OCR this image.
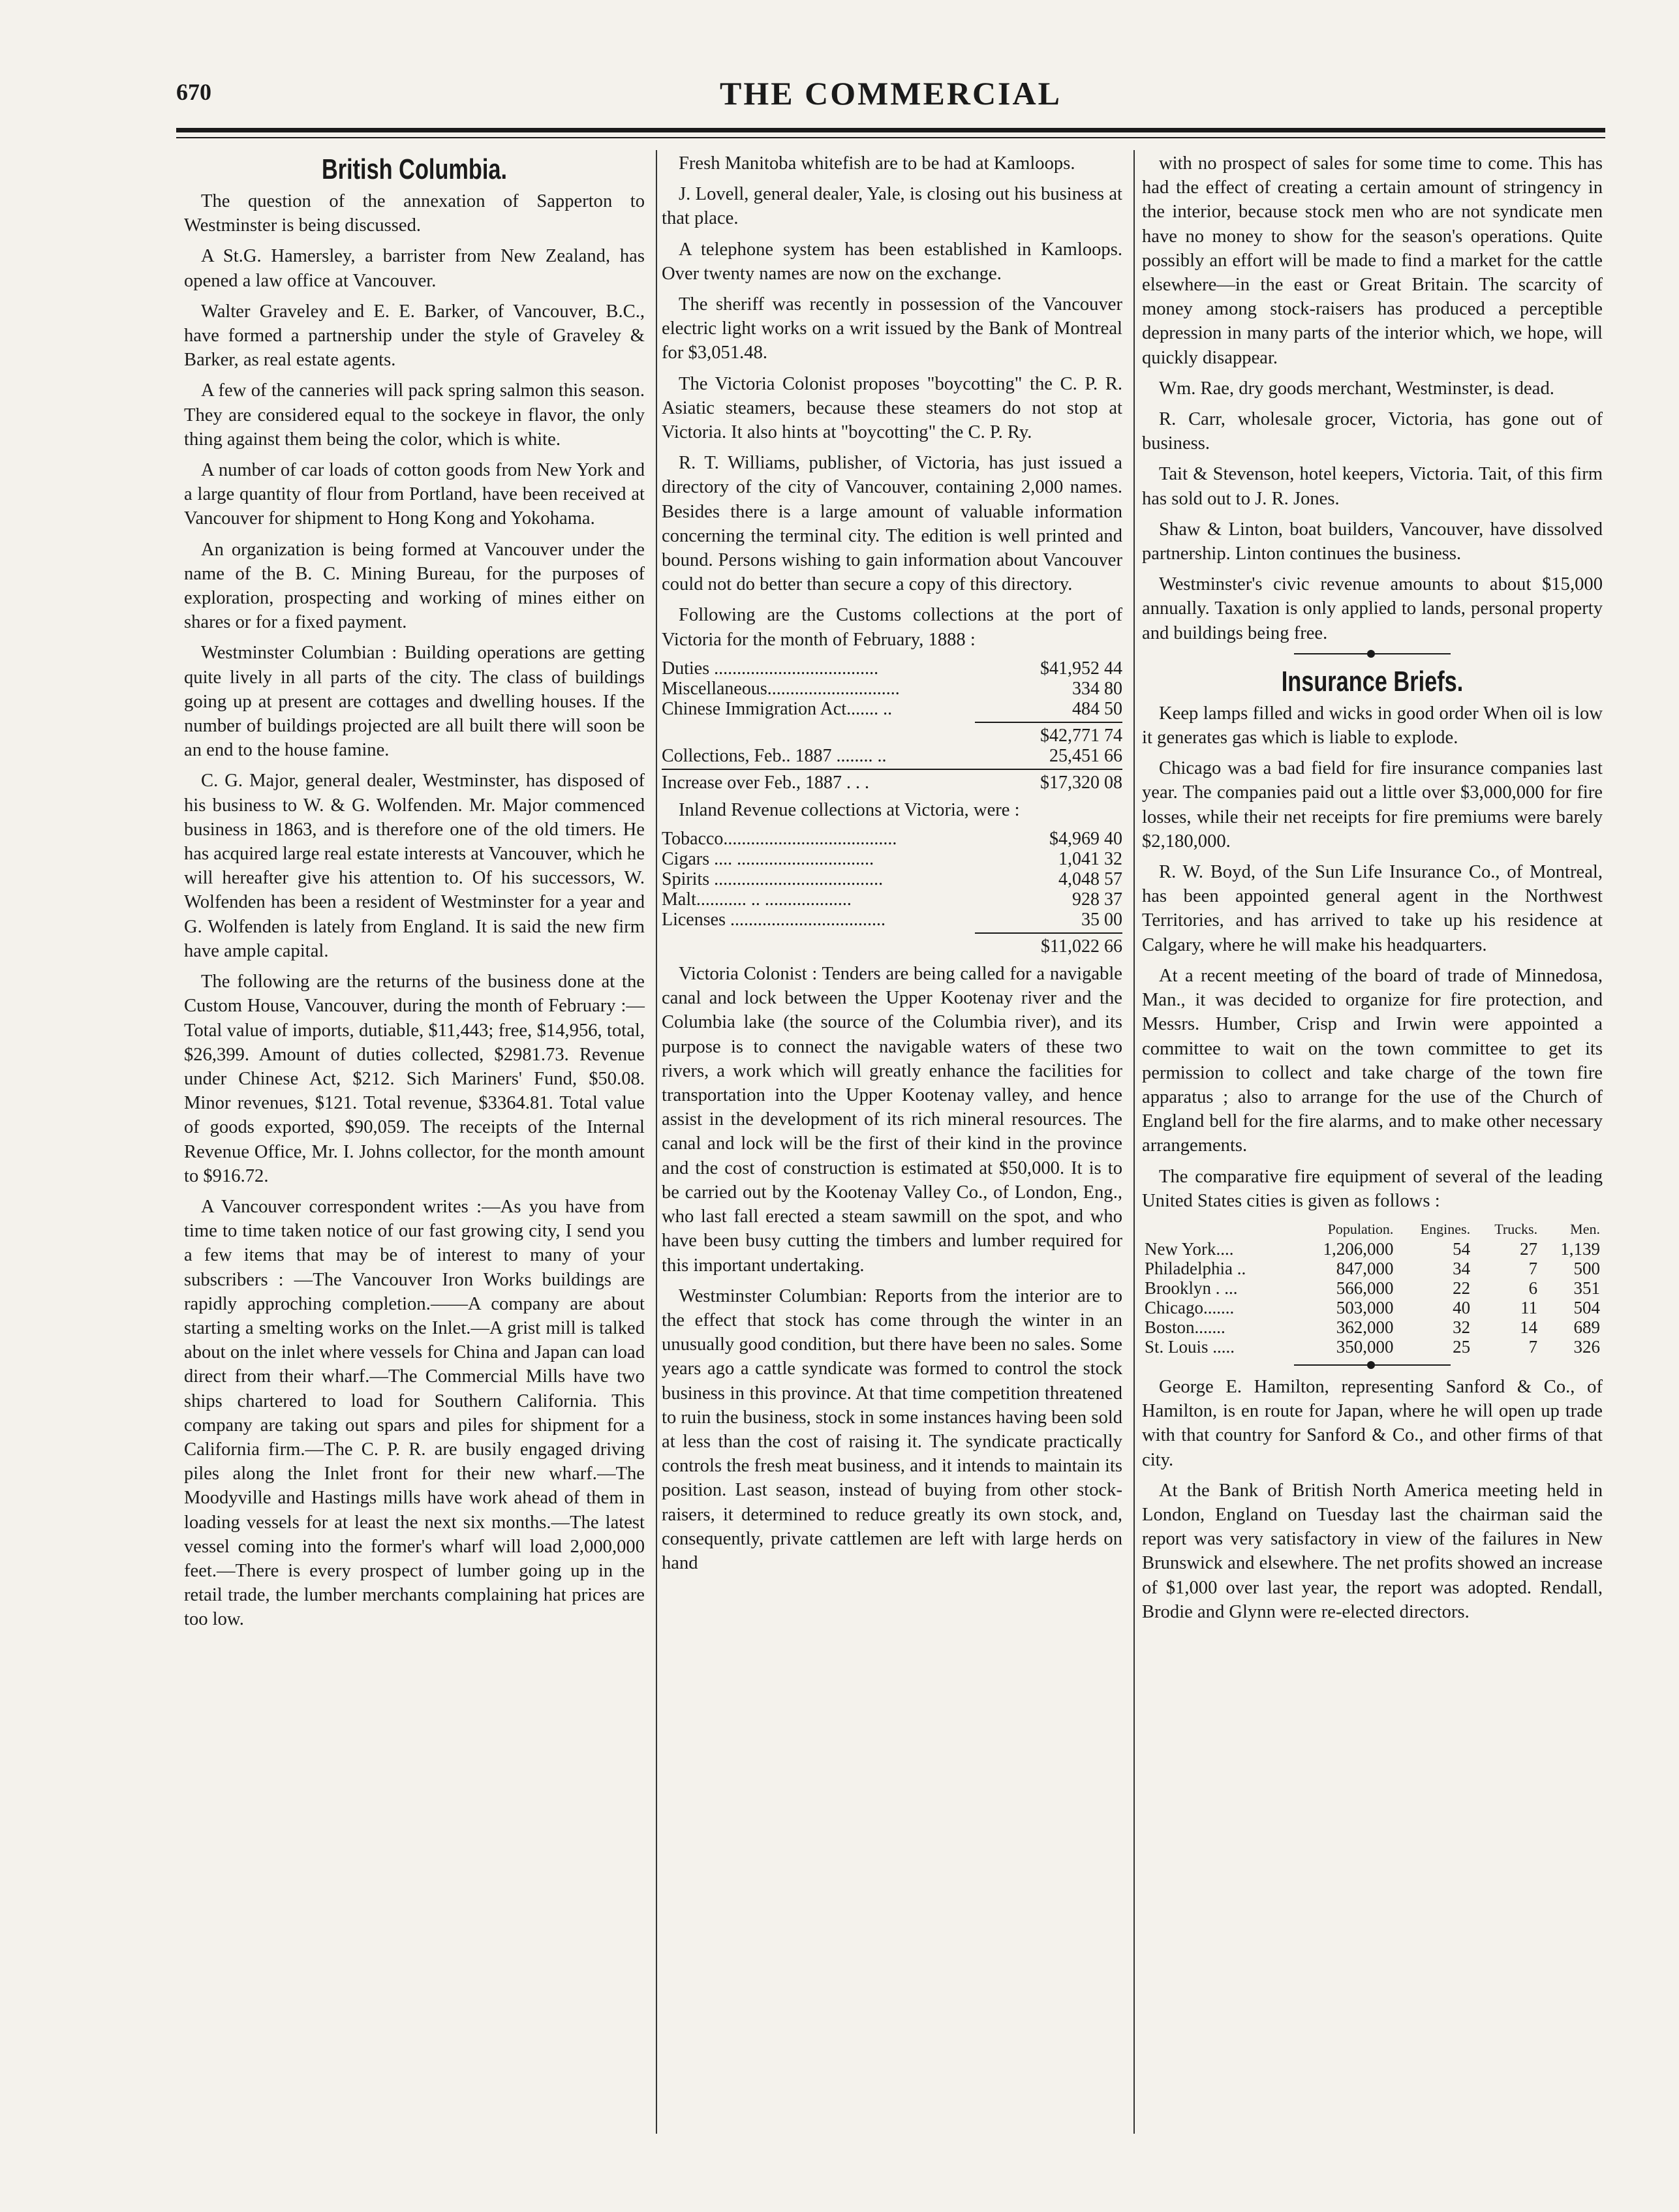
670	THE COMMERCIAL
British Columbia.

The question of the annexation of Sapperton to Westminster is being discussed.

A St.G. Hamersley, a barrister from New Zealand, has opened a law office at Vancouver.

Walter Graveley and E. E. Barker, of Vancouver, B.C., have formed a partnership under the style of Graveley & Barker, as real estate agents.

A few of the canneries will pack spring salmon this season. They are considered equal to the sockeye in flavor, the only thing against them being the color, which is white.

A number of car loads of cotton goods from New York and a large quantity of flour from Portland, have been received at Vancouver for shipment to Hong Kong and Yokohama.

An organization is being formed at Vancouver under the name of the B. C. Mining Bureau, for the purposes of exploration, prospecting and working of mines either on shares or for a fixed payment.

Westminster Columbian : Building operations are getting quite lively in all parts of the city. The class of buildings going up at present are cottages and dwelling houses. If the number of buildings projected are all built there will soon be an end to the house famine.

C. G. Major, general dealer, Westminster, has disposed of his business to W. & G. Wolfenden. Mr. Major commenced business in 1863, and is therefore one of the old timers. He has acquired large real estate interests at Vancouver, which he will hereafter give his attention to. Of his successors, W. Wolfenden has been a resident of Westminster for a year and G. Wolfenden is lately from England. It is said the new firm have ample capital.

The following are the returns of the business done at the Custom House, Vancouver, during the month of February :—Total value of imports, dutiable, $11,443; free, $14,956, total, $26,399. Amount of duties collected, $2981.73. Revenue under Chinese Act, $212. Sich Mariners' Fund, $50.08. Minor revenues, $121. Total revenue, $3364.81. Total value of goods exported, $90,059. The receipts of the Internal Revenue Office, Mr. I. Johns collector, for the month amount to $916.72.

A Vancouver correspondent writes :—As you have from time to time taken notice of our fast growing city, I send you a few items that may be of interest to many of your subscribers : —The Vancouver Iron Works buildings are rapidly approching completion.——A company are about starting a smelting works on the Inlet.—A grist mill is talked about on the inlet where vessels for China and Japan can load direct from their wharf.—The Commercial Mills have two ships chartered to load for Southern California. This company are taking out spars and piles for shipment for a California firm.—The C. P. R. are busily engaged driving piles along the Inlet front for their new wharf.—The Moodyville and Hastings mills have work ahead of them in loading vessels for at least the next six months.—The latest vessel coming into the former's wharf will load 2,000,000 feet.—There is every prospect of lumber going up in the retail trade, the lumber merchants complaining hat prices are too low.

Fresh Manitoba whitefish are to be had at Kamloops.

J. Lovell, general dealer, Yale, is closing out his business at that place.

A telephone system has been established in Kamloops. Over twenty names are now on the exchange.

The sheriff was recently in possession of the Vancouver electric light works on a writ issued by the Bank of Montreal for $3,051.48.

The Victoria Colonist proposes "boycotting" the C. P. R. Asiatic steamers, because these steamers do not stop at Victoria. It also hints at "boycotting" the C. P. Ry.

R. T. Williams, publisher, of Victoria, has just issued a directory of the city of Vancouver, containing 2,000 names. Besides there is a large amount of valuable information concerning the terminal city. The edition is well printed and bound. Persons wishing to gain information about Vancouver could not do better than secure a copy of this directory.

Following are the Customs collections at the port of Victoria for the month of February, 1888 :

Duties ....................................	$41,952 44
Miscellaneous.............................	334 80
Chinese Immigration Act....... ..	484 50
$42,771 74
Collections, Feb.. 1887 ........ ..	25,451 66
Increase over Feb., 1887 . . .	$17,320 08

Inland Revenue collections at Victoria, were :

Tobacco......................................	$4,969 40
Cigars .... ..............................	1,041 32
Spirits .....................................	4,048 57
Malt........... .. ...................	928 37
Licenses ..................................	35 00
$11,022 66

Victoria Colonist : Tenders are being called for a navigable canal and lock between the Upper Kootenay river and the Columbia lake (the source of the Columbia river), and its purpose is to connect the navigable waters of these two rivers, a work which will greatly enhance the facilities for transportation into the Upper Kootenay valley, and hence assist in the development of its rich mineral resources. The canal and lock will be the first of their kind in the province and the cost of construction is estimated at $50,000. It is to be carried out by the Kootenay Valley Co., of London, Eng., who last fall erected a steam sawmill on the spot, and who have been busy cutting the timbers and lumber required for this important undertaking.

Westminster Columbian: Reports from the interior are to the effect that stock has come through the winter in an unusually good condition, but there have been no sales. Some years ago a cattle syndicate was formed to control the stock business in this province. At that time competition threatened to ruin the business, stock in some instances having been sold at less than the cost of raising it. The syndicate practically controls the fresh meat business, and it intends to maintain its position. Last season, instead of buying from other stock-raisers, it determined to reduce greatly its own stock, and, consequently, private cattlemen are left with large herds on hand

with no prospect of sales for some time to come. This has had the effect of creating a certain amount of stringency in the interior, because stock men who are not syndicate men have no money to show for the season's operations. Quite possibly an effort will be made to find a market for the cattle elsewhere—in the east or Great Britain. The scarcity of money among stock-raisers has produced a perceptible depression in many parts of the interior which, we hope, will quickly disappear.

Wm. Rae, dry goods merchant, Westminster, is dead.

R. Carr, wholesale grocer, Victoria, has gone out of business.

Tait & Stevenson, hotel keepers, Victoria. Tait, of this firm has sold out to J. R. Jones.

Shaw & Linton, boat builders, Vancouver, have dissolved partnership. Linton continues the business.

Westminster's civic revenue amounts to about $15,000 annually. Taxation is only applied to lands, personal property and buildings being free.

Insurance Briefs.

Keep lamps filled and wicks in good order When oil is low it generates gas which is liable to explode.

Chicago was a bad field for fire insurance companies last year. The companies paid out a little over $3,000,000 for fire losses, while their net receipts for fire premiums were barely $2,180,000.

R. W. Boyd, of the Sun Life Insurance Co., of Montreal, has been appointed general agent in the Northwest Territories, and has arrived to take up his residence at Calgary, where he will make his headquarters.

At a recent meeting of the board of trade of Minnedosa, Man., it was decided to organize for fire protection, and Messrs. Humber, Crisp and Irwin were appointed a committee to wait on the town committee to get its permission to collect and take charge of the town fire apparatus ; also to arrange for the use of the Church of England bell for the fire alarms, and to make other necessary arrangements.

The comparative fire equipment of several of the leading United States cities is given as follows :

	Population.	Engines.	Trucks.	Men.
New York....	1,206,000	54	27	1,139
Philadelphia ..	847,000	34	7	500
Brooklyn . ...	566,000	22	6	351
Chicago.......	503,000	40	11	504
Boston.......	362,000	32	14	689
St. Louis .....	350,000	25	7	326

George E. Hamilton, representing Sanford & Co., of Hamilton, is en route for Japan, where he will open up trade with that country for Sanford & Co., and other firms of that city.

At the Bank of British North America meeting held in London, England on Tuesday last the chairman said the report was very satisfactory in view of the failures in New Brunswick and elsewhere. The net profits showed an increase of $1,000 over last year, the report was adopted. Rendall, Brodie and Glynn were re-elected directors.
